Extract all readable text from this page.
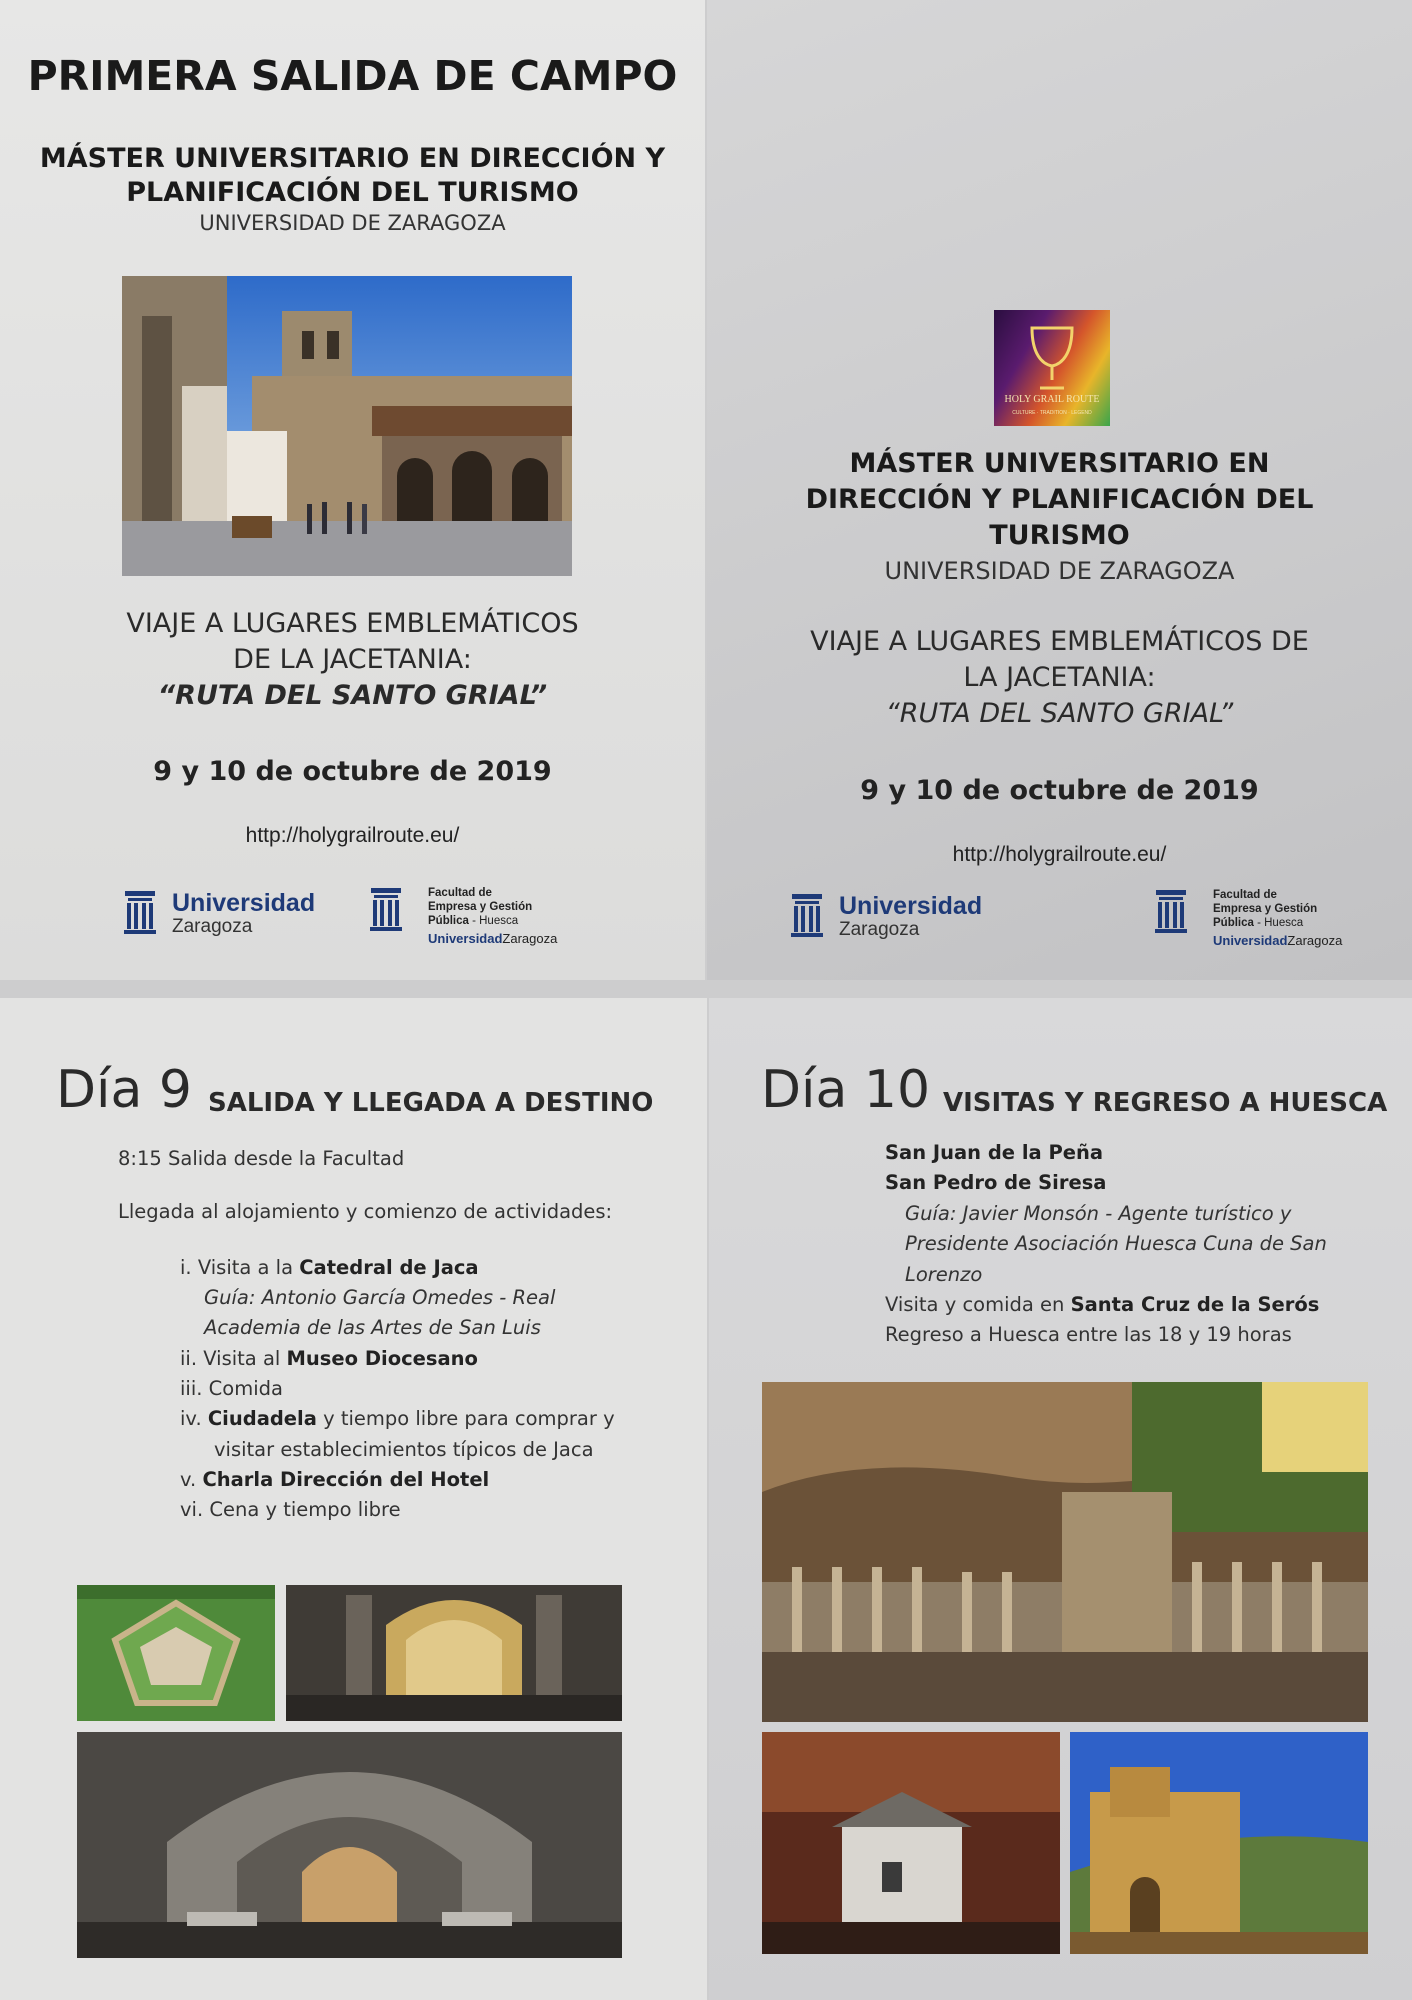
PRIMERA SALIDA DE CAMPO
MÁSTER UNIVERSITARIO EN DIRECCIÓN Y
PLANIFICACIÓN DEL TURISMO
UNIVERSIDAD DE ZARAGOZA
VIAJE A LUGARES EMBLEMÁTICOS
DE LA JACETANIA:
“RUTA DEL SANTO GRIAL”
9 y 10 de octubre de 2019
http://holygrailroute.eu/
Universidad
Zaragoza
Facultad de
Empresa y Gestión
Pública - Huesca
UniversidadZaragoza
HOLY GRAIL ROUTE
CULTURE · TRADITION · LEGEND
MÁSTER UNIVERSITARIO EN
DIRECCIÓN Y PLANIFICACIÓN DEL
TURISMO
UNIVERSIDAD DE ZARAGOZA
VIAJE A LUGARES EMBLEMÁTICOS DE
LA JACETANIA:
“RUTA DEL SANTO GRIAL”
9 y 10 de octubre de 2019
http://holygrailroute.eu/
Universidad
Zaragoza
Facultad de
Empresa y Gestión
Pública - Huesca
UniversidadZaragoza
Día 9 SALIDA Y LLEGADA A DESTINO
8:15 Salida desde la Facultad
Llegada al alojamiento y comienzo de actividades:
i. Visita a la Catedral de Jaca
Guía: Antonio García Omedes - Real
Academia de las Artes de San Luis
ii. Visita al Museo Diocesano
iii. Comida
iv. Ciudadela y tiempo libre para comprar y
visitar establecimientos típicos de Jaca
v. Charla Dirección del Hotel
vi. Cena y tiempo libre
Día 10 VISITAS Y REGRESO A HUESCA
San Juan de la Peña
San Pedro de Siresa
Guía: Javier Monsón - Agente turístico y
Presidente Asociación Huesca Cuna de San
Lorenzo
Visita y comida en Santa Cruz de la Serós
Regreso a Huesca entre las 18 y 19 horas
